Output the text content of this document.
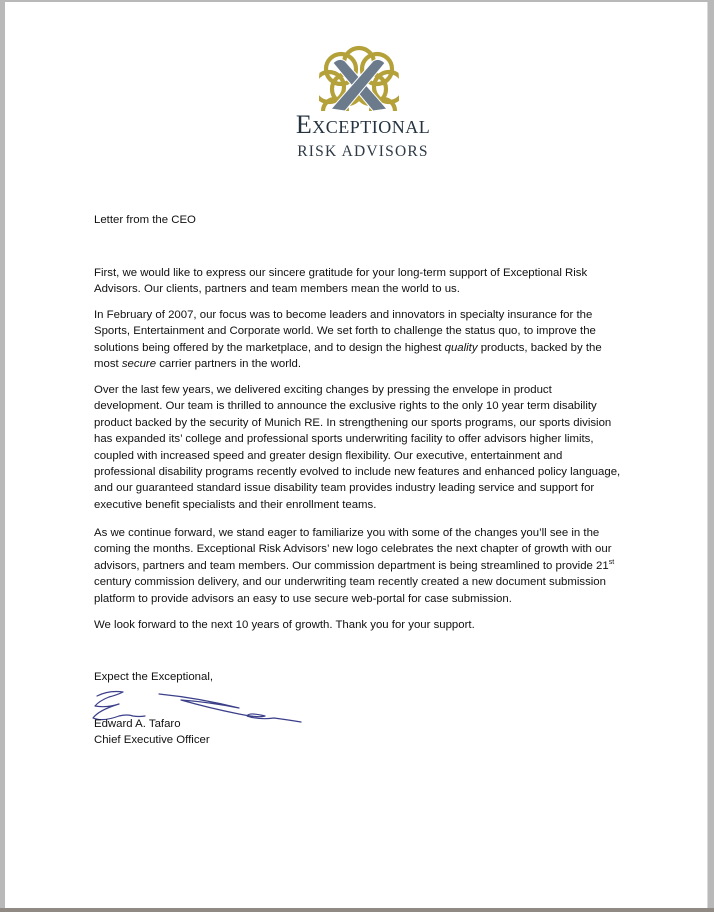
Exceptional
RISK ADVISORS
Letter from the CEO
First, we would like to express our sincere gratitude for your long-term support of Exceptional Risk
Advisors. Our clients, partners and team members mean the world to us.
In February of 2007, our focus was to become leaders and innovators in specialty insurance for the
Sports, Entertainment and Corporate world. We set forth to challenge the status quo, to improve the
solutions being offered by the marketplace, and to design the highest quality products, backed by the
most secure carrier partners in the world.
Over the last few years, we delivered exciting changes by pressing the envelope in product
development. Our team is thrilled to announce the exclusive rights to the only 10 year term disability
product backed by the security of Munich RE. In strengthening our sports programs, our sports division
has expanded its’ college and professional sports underwriting facility to offer advisors higher limits,
coupled with increased speed and greater design flexibility. Our executive, entertainment and
professional disability programs recently evolved to include new features and enhanced policy language,
and our guaranteed standard issue disability team provides industry leading service and support for
executive benefit specialists and their enrollment teams.
As we continue forward, we stand eager to familiarize you with some of the changes you’ll see in the
coming the months. Exceptional Risk Advisors’ new logo celebrates the next chapter of growth with our
advisors, partners and team members. Our commission department is being streamlined to provide 21st
century commission delivery, and our underwriting team recently created a new document submission
platform to provide advisors an easy to use secure web-portal for case submission.
We look forward to the next 10 years of growth. Thank you for your support.
Expect the Exceptional,
Edward A. Tafaro
Chief Executive Officer
